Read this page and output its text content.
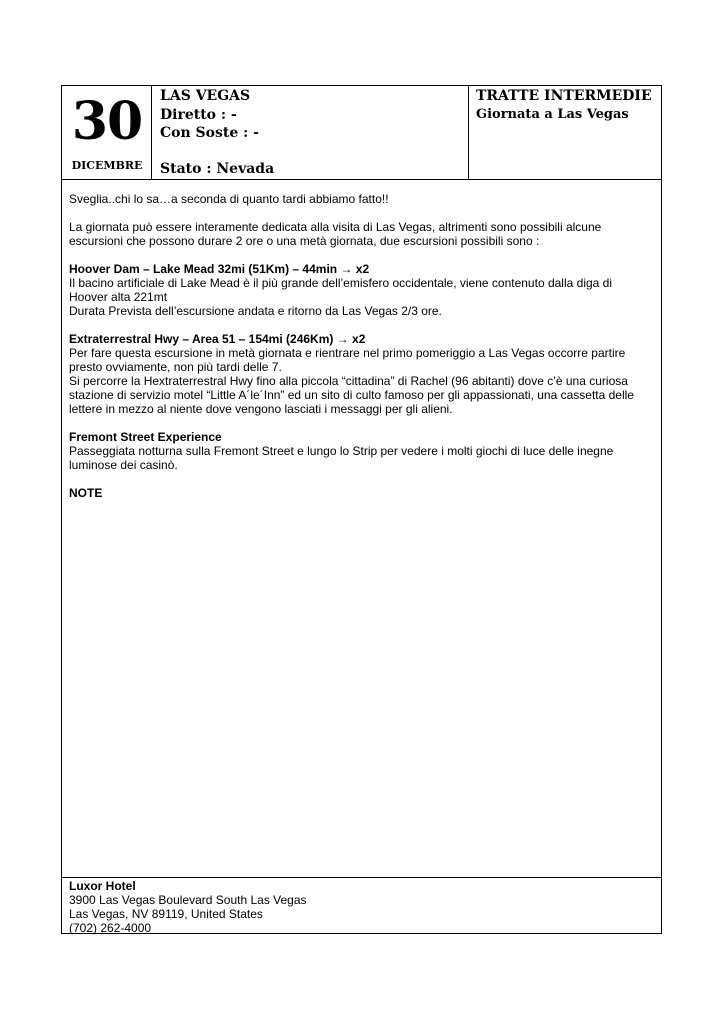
30
DICEMBRE
LAS VEGAS
Diretto : -
Con Soste : -
Stato : Nevada
TRATTE INTERMEDIE
Giornata a Las Vegas

Sveglia..chi lo sa…a seconda di quanto tardi abbiamo fatto!!

La giornata può essere interamente dedicata alla visita di Las Vegas, altrimenti sono possibili alcune
escursioni che possono durare 2 ore o una metà giornata, due escursioni possibili sono :

Hoover Dam – Lake Mead 32mi (51Km) – 44min → x2
Il bacino artificiale di Lake Mead è il più grande dell’emisfero occidentale, viene contenuto dalla diga di
Hoover alta 221mt
Durata Prevista dell’escursione andata e ritorno da Las Vegas 2/3 ore.

Extraterrestral Hwy – Area 51 – 154mi (246Km) → x2
Per fare questa escursione in metà giornata e rientrare nel primo pomeriggio a Las Vegas occorre partire
presto ovviamente, non più tardi delle 7.
Si percorre la Hextraterrestral Hwy fino alla piccola “cittadina” di Rachel (96 abitanti) dove c’è una curiosa
stazione di servizio motel “Little A´le´Inn” ed un sito di culto famoso per gli appassionati, una cassetta delle
lettere in mezzo al niente dove vengono lasciati i messaggi per gli alieni.

Fremont Street Experience
Passeggiata notturna sulla Fremont Street e lungo lo Strip per vedere i molti giochi di luce delle inegne
luminose dei casinò.

NOTE

Luxor Hotel
3900 Las Vegas Boulevard South Las Vegas
Las Vegas, NV 89119, United States
(702) 262-4000
